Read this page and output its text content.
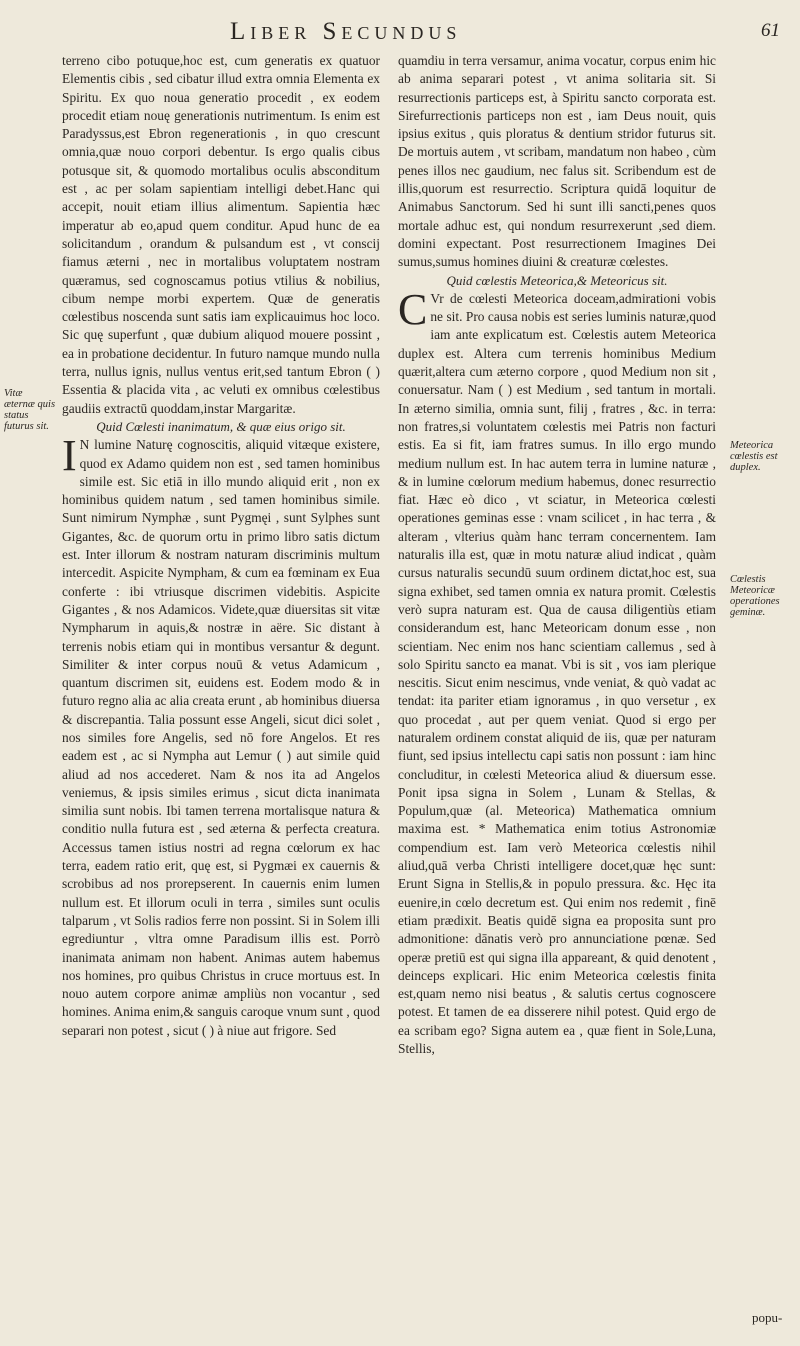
Liber Secundus	61

terreno cibo potuque,hoc est, cum generatis ex quatuor Elementis cibis , sed cibatur illud extra omnia Elementa ex Spiritu. Ex quo noua generatio procedit , ex eodem procedit etiam nouę generationis nutrimentum. Is enim est Paradyssus,est Ebron regenerationis , in quo crescunt omnia,quæ nouo corpori debentur. Is ergo qualis cibus potusque sit, & quomodo mortalibus oculis absconditum est , ac per solam sapientiam intelligi debet.Hanc qui accepit, nouit etiam illius alimentum. Sapientia hæc imperatur ab eo,apud quem conditur. Apud hunc de ea solicitandum , orandum & pulsandum est , vt conscij fiamus æterni , nec in mortalibus voluptatem nostram quæramus, sed cognoscamus potius vtilius & nobilius, cibum nempe morbi expertem. Quæ de generatis cœlestibus noscenda sunt satis iam explicauimus hoc loco. Sic quę superfunt , quæ dubium aliquod mouere possint , ea in probatione decidentur. In futuro namque mundo nulla terra, nullus ignis, nullus ventus erit,sed tantum Ebron ( ) Essentia & placida vita , ac veluti ex omnibus cœlestibus gaudiis extractū quoddam,instar Margaritæ.

Quid Cœlesti inanimatum, & quæ eius origo sit.

I N lumine Naturę cognoscitis, aliquid vitæque existere, quod ex Adamo quidem non est , sed tamen hominibus simile est. Sic etiā in illo mundo aliquid erit , non ex hominibus quidem natum , sed tamen hominibus simile. Sunt nimirum Nymphæ , sunt Pygmęi , sunt Sylphes sunt Gigantes, &c. de quorum ortu in primo libro satis dictum est. Inter illorum & nostram naturam discriminis multum intercedit. Aspicite Nympham, & cum ea fœminam ex Eua conferte : ibi vtriusque discrimen videbitis. Aspicite Gigantes , & nos Adamicos. Videte,quæ diuersitas sit vitæ Nympharum in aquis,& nostræ in aëre. Sic distant à terrenis nobis etiam qui in montibus versantur & degunt. Similiter & inter corpus nouū & vetus Adamicum , quantum discrimen sit, euidens est. Eodem modo & in futuro regno alia ac alia creata erunt , ab hominibus diuersa & discrepantia. Talia possunt esse Angeli, sicut dici solet , nos similes fore Angelis, sed nō fore Angelos. Et res eadem est , ac si Nympha aut Lemur ( ) aut simile quid aliud ad nos accederet. Nam & nos ita ad Angelos veniemus, & ipsis similes erimus , sicut dicta inanimata similia sunt nobis. Ibi tamen terrena mortalisque natura & conditio nulla futura est , sed æterna & perfecta creatura. Accessus tamen istius nostri ad regna cœlorum ex hac terra, eadem ratio erit, quę est, si Pygmæi ex cauernis & scrobibus ad nos prorepserent. In cauernis enim lumen nullum est. Et illorum oculi in terra , similes sunt oculis talparum , vt Solis radios ferre non possint. Si in Solem illi egrediuntur , vltra omne Paradisum illis est. Porrò inanimata animam non habent. Animas autem habemus nos homines, pro quibus Christus in cruce mortuus est. In nouo autem corpore animæ ampliùs non vocantur , sed homines. Anima enim,& sanguis caroque vnum sunt , quod separari non potest , sicut ( ) à niue aut frigore. Sed

quamdiu in terra versamur, anima vocatur, corpus enim hic ab anima separari potest , vt anima solitaria sit. Si resurrectionis particeps est, à Spiritu sancto corporata est. Sirefurrectionis particeps non est , iam Deus nouit, quis ipsius exitus , quis ploratus & dentium stridor futurus sit. De mortuis autem , vt scribam, mandatum non habeo , cùm penes illos nec gaudium, nec falus sit. Scribendum est de illis,quorum est resurrectio. Scriptura quidā loquitur de Animabus Sanctorum. Sed hi sunt illi sancti,penes quos mortale adhuc est, qui nondum resurrexerunt ,sed diem. domini expectant. Post resurrectionem Imagines Dei sumus,sumus homines diuini & creaturæ cœlestes.

Quid cœlestis Meteorica,& Meteoricus sit.

C Vr de cœlesti Meteorica doceam,admirationi vobis ne sit. Pro causa nobis est series luminis naturæ,quod iam ante explicatum est. Cœlestis autem Meteorica duplex est. Altera cum terrenis hominibus Medium quærit,altera cum æterno corpore , quod Medium non sit , conuersatur. Nam ( ) est Medium , sed tantum in mortali. In æterno similia, omnia sunt, filij , fratres , &c. in terra: non fratres,si voluntatem cœlestis mei Patris non facturi estis. Ea si fit, iam fratres sumus. In illo ergo mundo medium nullum est. In hac autem terra in lumine naturæ , & in lumine cœlorum medium habemus, donec resurrectio fiat. Hæc eò dico , vt sciatur, in Meteorica cœlesti operationes geminas esse : vnam scilicet , in hac terra , & alteram , vlterius quàm hanc terram concernentem. Iam naturalis illa est, quæ in motu naturæ aliud indicat , quàm cursus naturalis secundū suum ordinem dictat,hoc est, sua signa exhibet, sed tamen omnia ex natura promit. Cœlestis verò supra naturam est. Qua de causa diligentiùs etiam considerandum est, hanc Meteoricam donum esse , non scientiam. Nec enim nos hanc scientiam callemus , sed à solo Spiritu sancto ea manat. Vbi is sit , vos iam plerique nescitis. Sicut enim nescimus, vnde veniat, & quò vadat ac tendat: ita pariter etiam ignoramus , in quo versetur , ex quo procedat , aut per quem veniat. Quod si ergo per naturalem ordinem constat aliquid de iis, quæ per naturam fiunt, sed ipsius intellectu capi satis non possunt : iam hinc concluditur, in cœlesti Meteorica aliud & diuersum esse. Ponit ipsa signa in Solem , Lunam & Stellas, & Populum,quæ (al. Meteorica) Mathematica omnium maxima est. * Mathematica enim totius Astronomiæ compendium est. Iam verò Meteorica cœlestis nihil aliud,quā verba Christi intelligere docet,quæ hęc sunt: Erunt Signa in Stellis,& in populo pressura. &c. Hęc ita euenire,in cœlo decretum est. Qui enim nos redemit , finē etiam prædixit. Beatis quidē signa ea proposita sunt pro admonitione: dānatis verò pro annunciatione pœnæ. Sed operæ pretiū est qui signa illa appareant, & quid denotent , deinceps explicari. Hic enim Meteorica cœlestis finita est,quam nemo nisi beatus , & salutis certus cognoscere potest. Et tamen de ea disserere nihil potest. Quid ergo de ea scribam ego? Signa autem ea , quæ fient in Sole,Luna, Stellis,

Vitæ æternæ quis status futurus sit.
Meteorica cœlestis est duplex.
Cœlestis Meteoricæ operationes geminæ.
popu-
